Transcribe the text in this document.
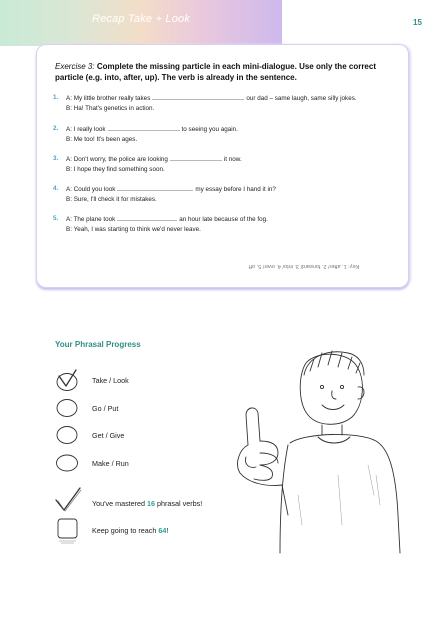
Recap Take + Look	15
Exercise 3: Complete the missing particle in each mini-dialogue. Use only the correct particle (e.g. into, after, up). The verb is already in the sentence.
1. A: My little brother really takes	our dad – same laugh, same silly jokes.
B: Ha! That's genetics in action.
2. A: I really look	to seeing you again.
B: Me too! It's been ages.
3. A: Don't worry, the police are looking	it now.
B: I hope they find something soon.
4. A: Could you look	my essay before I hand it in?
B: Sure, I'll check it for mistakes.
5. A: The plane took	an hour late because of the fog.
B: Yeah, I was starting to think we'd never leave.
Key: 1. after/ 2. forward/ 3. into/ 4. over/ 5. off
Your Phrasal Progress
Take / Look
Go / Put
Get / Give
Make / Run
You've mastered 16 phrasal verbs!
Keep going to reach 64!
